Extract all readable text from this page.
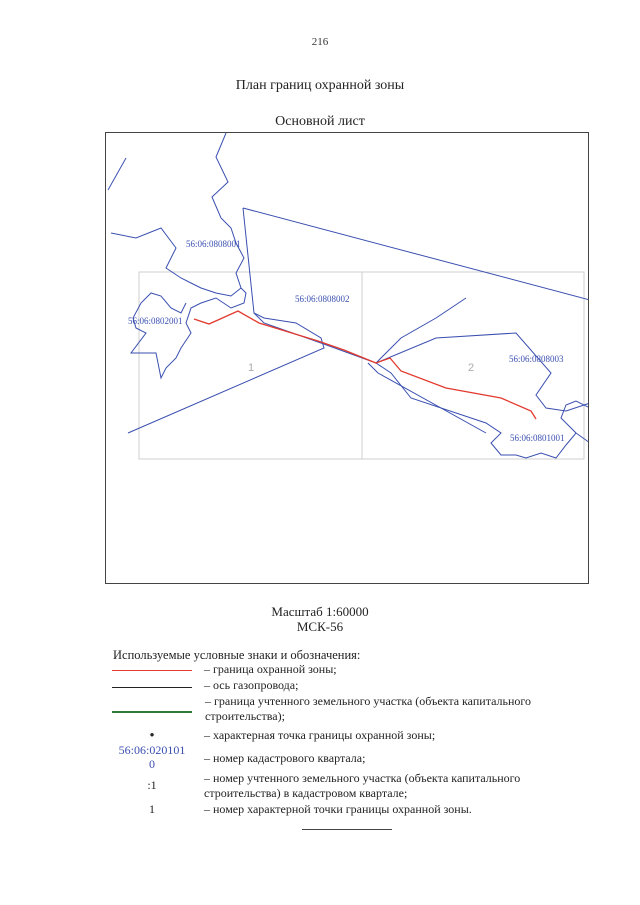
216
План границ охранной зоны
Основной лист
1	2
56:06:0808001
56:06:0808002
56:06:0802001
56:06:0808003
56:06:0801001
Масштаб 1:60000
МСК-56
Используемые условные знаки и обозначения:
– граница охранной зоны;
– ось газопровода;
– граница учтенного земельного участка (объекта капитального строительства);
●	– характерная точка границы охранной зоны;
56:06:020101
0	– номер кадастрового квартала;
:1	– номер учтенного земельного участка (объекта капитального строительства) в кадастровом квартале;
1	– номер характерной точки границы охранной зоны.
